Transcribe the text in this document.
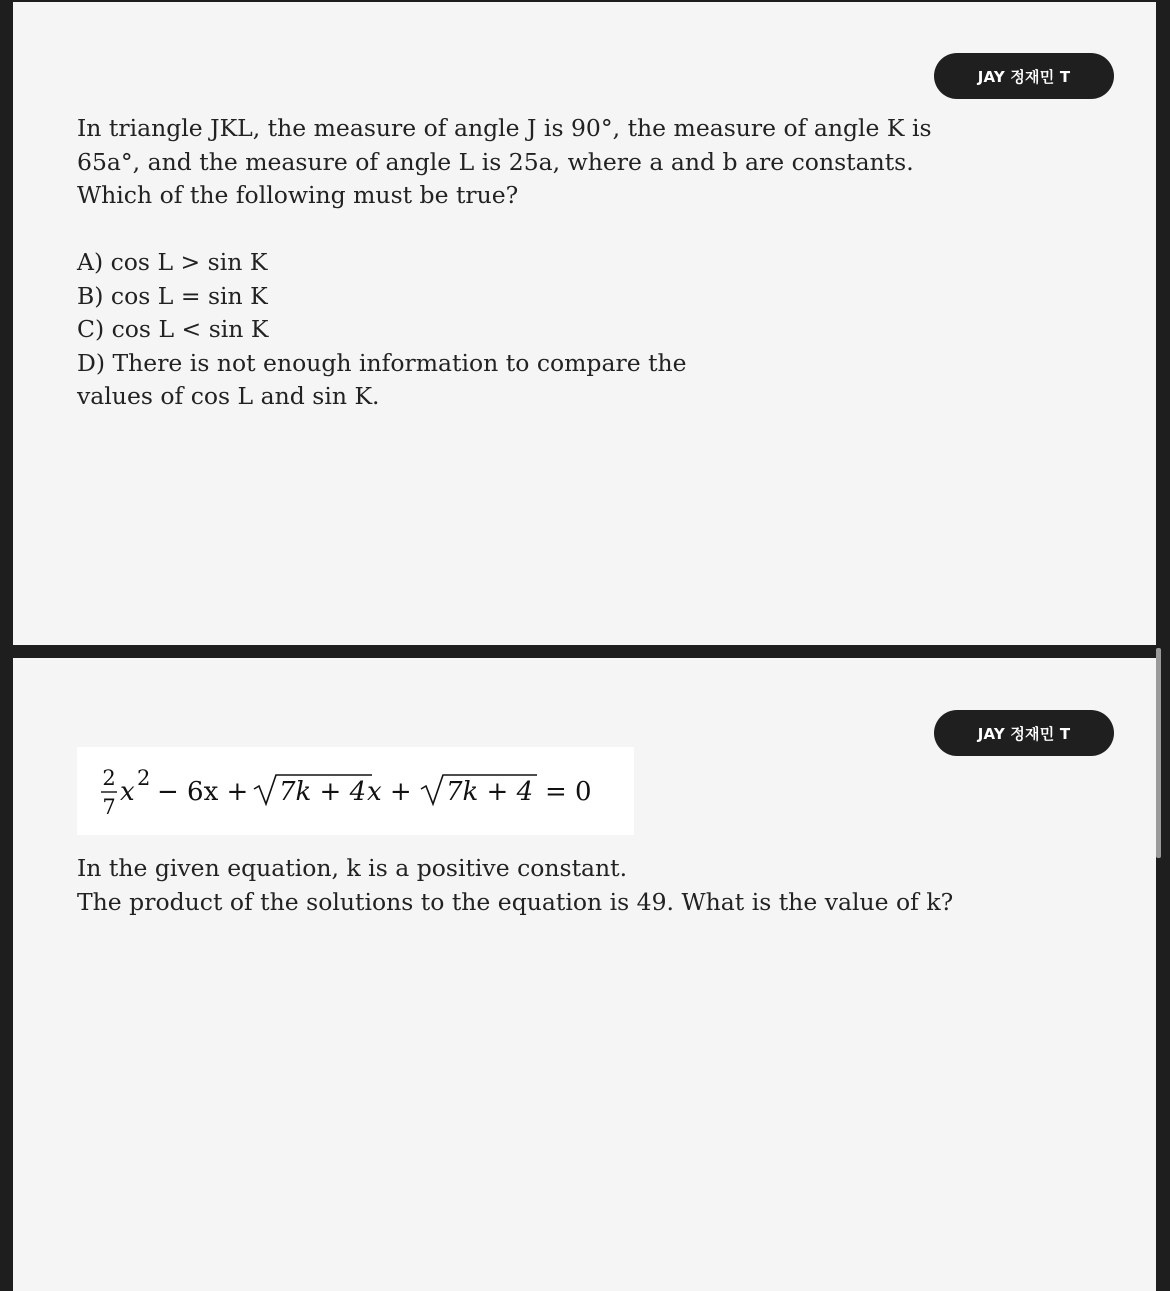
JAY 정재민 T

In triangle JKL, the measure of angle J is 90°, the measure of angle K is 65a°, and the measure of angle L is 25a, where a and b are constants. Which of the following must be true?

A) cos L > sin K
B) cos L = sin K
C) cos L < sin K
D) There is not enough information to compare the values of cos L and sin K.
JAY 정재민 T
2
7 x 2 − 6x + 7k + 4 x + 7k + 4 = 0

In the given equation, k is a positive constant.
The product of the solutions to the equation is 49. What is the value of k?
